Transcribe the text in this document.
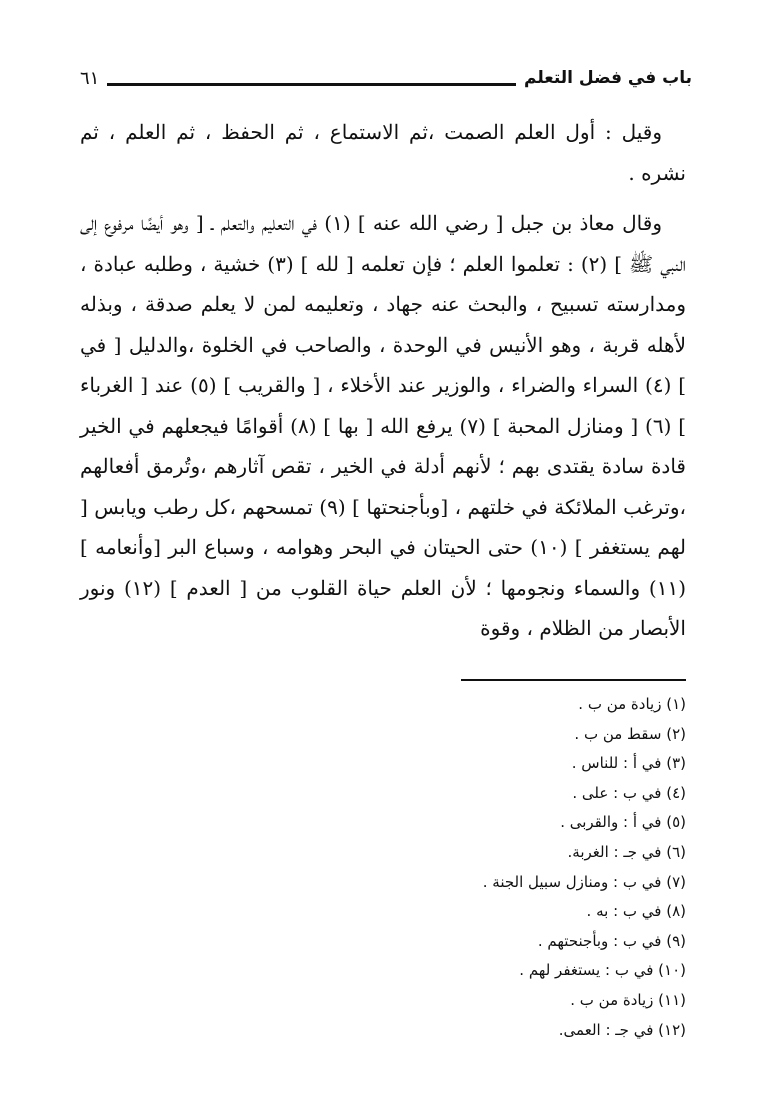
باب في فضل التعلم
٦١

وقيل : أول العلم الصمت ،ثم الاستماع ، ثم الحفظ ، ثم العلم ، ثم نشره .

وقال معاذ بن جبل [ رضي الله عنه ] (١) في التعليم والتعلم ـ [ وهو أيضًا مرفوع إلى النبي ﷺ ] (٢) : تعلموا العلم ؛ فإن تعلمه [ لله ] (٣) خشية ، وطلبه عبادة ، ومدارسته تسبيح ، والبحث عنه جهاد ، وتعليمه لمن لا يعلم صدقة ، وبذله لأهله قربة ، وهو الأنيس في الوحدة ، والصاحب في الخلوة ،والدليل [ في ] (٤) السراء والضراء ، والوزير عند الأخلاء ، [ والقريب ] (٥) عند [ الغرباء ] (٦) [ ومنازل المحبة ] (٧) يرفع الله [ بها ] (٨) أقوامًا فيجعلهم في الخير قادة سادة يقتدى بهم ؛ لأنهم أدلة في الخير ، تقص آثارهم ،وتُرمق أفعالهم ،وترغب الملائكة في خلتهم ، [وبأجنحتها ] (٩) تمسحهم ،كل رطب ويابس [ لهم يستغفر ] (١٠) حتى الحيتان في البحر وهوامه ، وسباع البر [وأنعامه ] (١١) والسماء ونجومها ؛ لأن العلم حياة القلوب من [ العدم ] (١٢) ونور الأبصار من الظلام ، وقوة

(١) زيادة من ب .
(٢) سقط من ب .
(٣) في أ : للناس .
(٤) في ب : على .
(٥) في أ : والقربى .
(٦) في جـ : الغربة.
(٧) في ب : ومنازل سبيل الجنة .
(٨) في ب : به .
(٩) في ب : وبأجنحتهم .
(١٠) في ب : يستغفر لهم .
(١١) زيادة من ب .
(١٢) في جـ : العمى.
